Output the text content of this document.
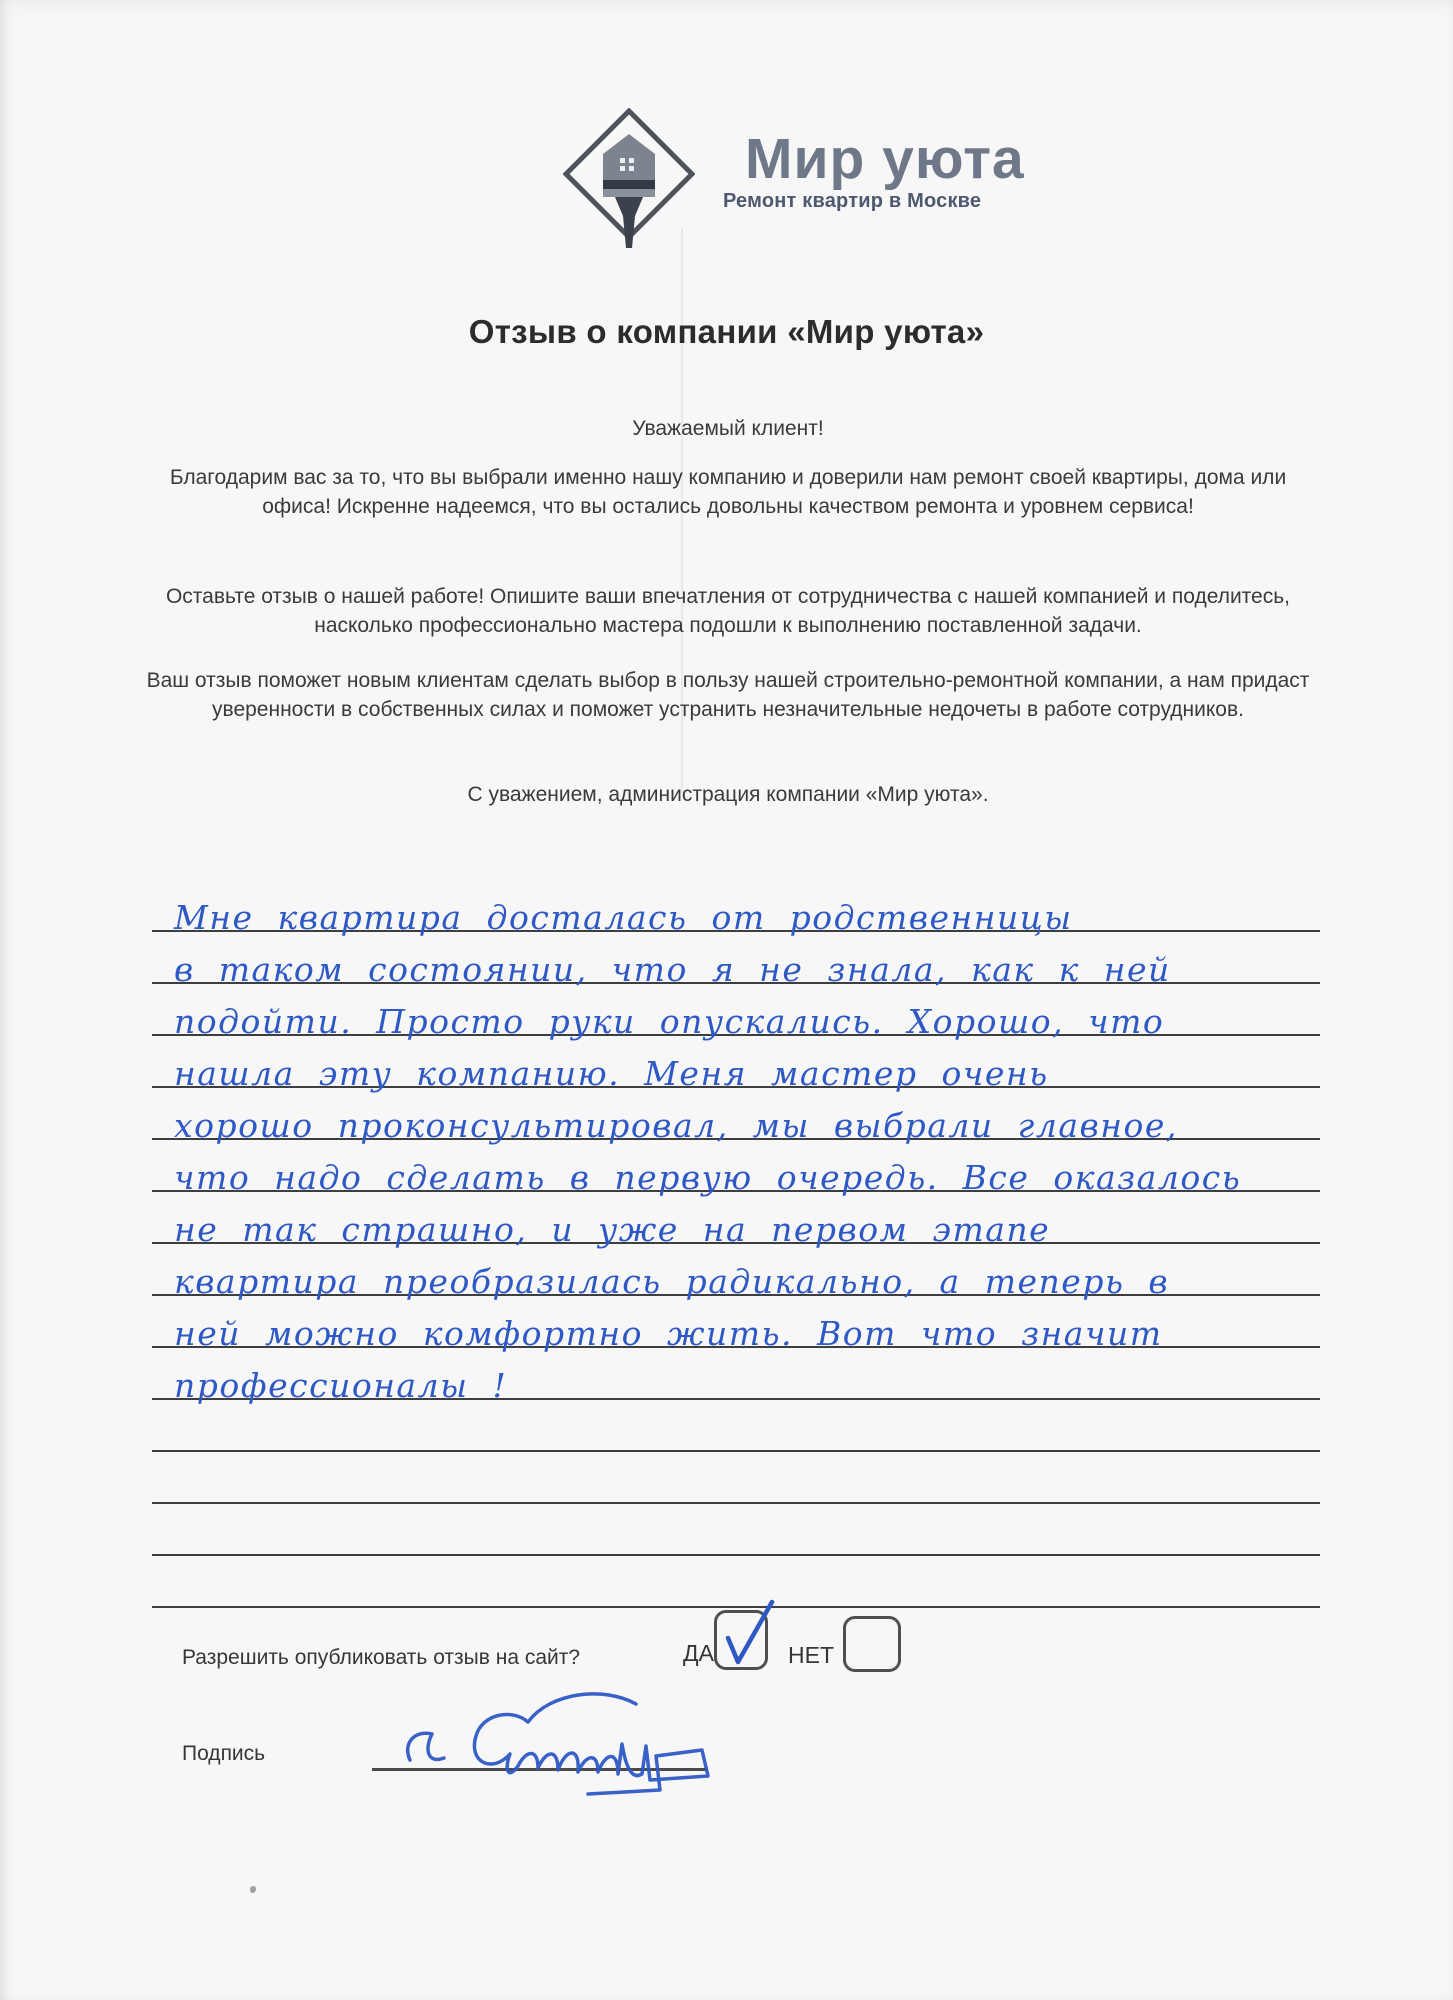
Мир уюта
Ремонт квартир в Москве
Отзыв о компании «Мир уюта»
Уважаемый клиент!
Благодарим вас за то, что вы выбрали именно нашу компанию и доверили нам ремонт своей квартиры, дома или офиса! Искренне надеемся, что вы остались довольны качеством ремонта и уровнем сервиса!
Оставьте отзыв о нашей работе! Опишите ваши впечатления от сотрудничества с нашей компанией и поделитесь, насколько профессионально мастера подошли к выполнению поставленной задачи.
Ваш отзыв поможет новым клиентам сделать выбор в пользу нашей строительно-ремонтной компании, а нам придаст уверенности в собственных силах и поможет устранить незначительные недочеты в работе сотрудников.
С уважением, администрация компании «Мир уюта».
Мне квартира досталась от родственницы
в таком состоянии, что я не знала, как к ней
подойти. Просто руки опускались. Хорошо, что
нашла эту компанию. Меня мастер очень
хорошо проконсультировал, мы выбрали главное,
что надо сделать в первую очередь. Все оказалось
не так страшно, и уже на первом этапе
квартира преобразилась радикально, а теперь в
ней можно комфортно жить. Вот что значит
профессионалы !
Разрешить опубликовать отзыв на сайт?	ДА	НЕТ
Подпись
